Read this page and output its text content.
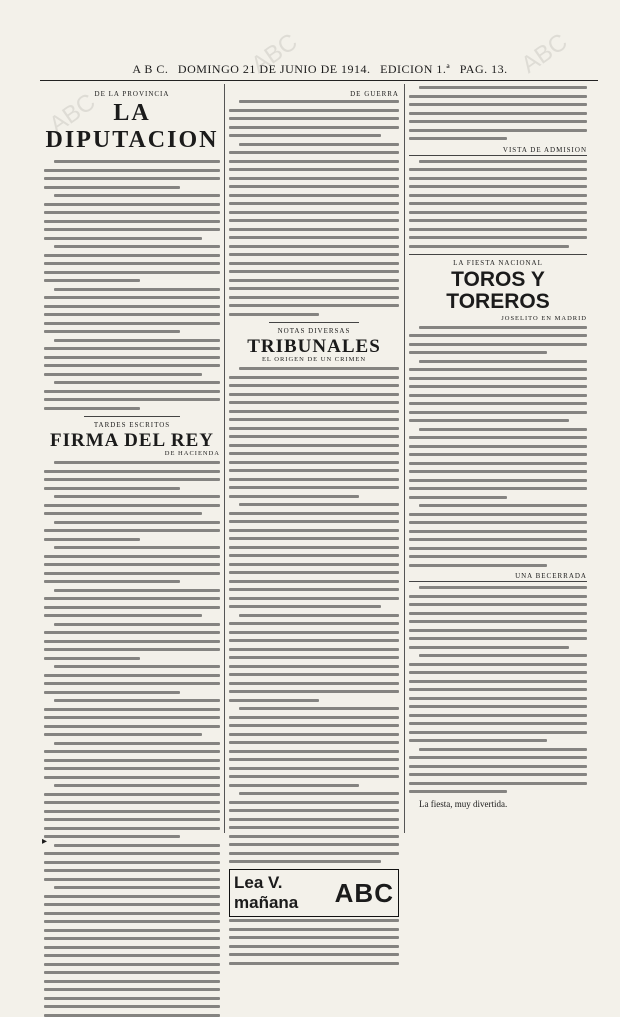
ABC
ABC	ABC
A B C. DOMINGO 21 DE JUNIO DE 1914. EDICION 1.ª PAG. 13.
DE LA PROVINCIA
LA DIPUTACION
TARDES ESCRITOS
FIRMA DEL REY
DE HACIENDA
DE GUERRA
NOTAS DIVERSAS
TRIBUNALES
EL ORIGEN DE UN CRIMEN
Lea V. mañana	ABC
VISTA DE ADMISION
LA FIESTA NACIONAL
TOROS Y TOREROS
JOSELITO EN MADRID
UNA BECERRADA
La fiesta, muy divertida.
▸
